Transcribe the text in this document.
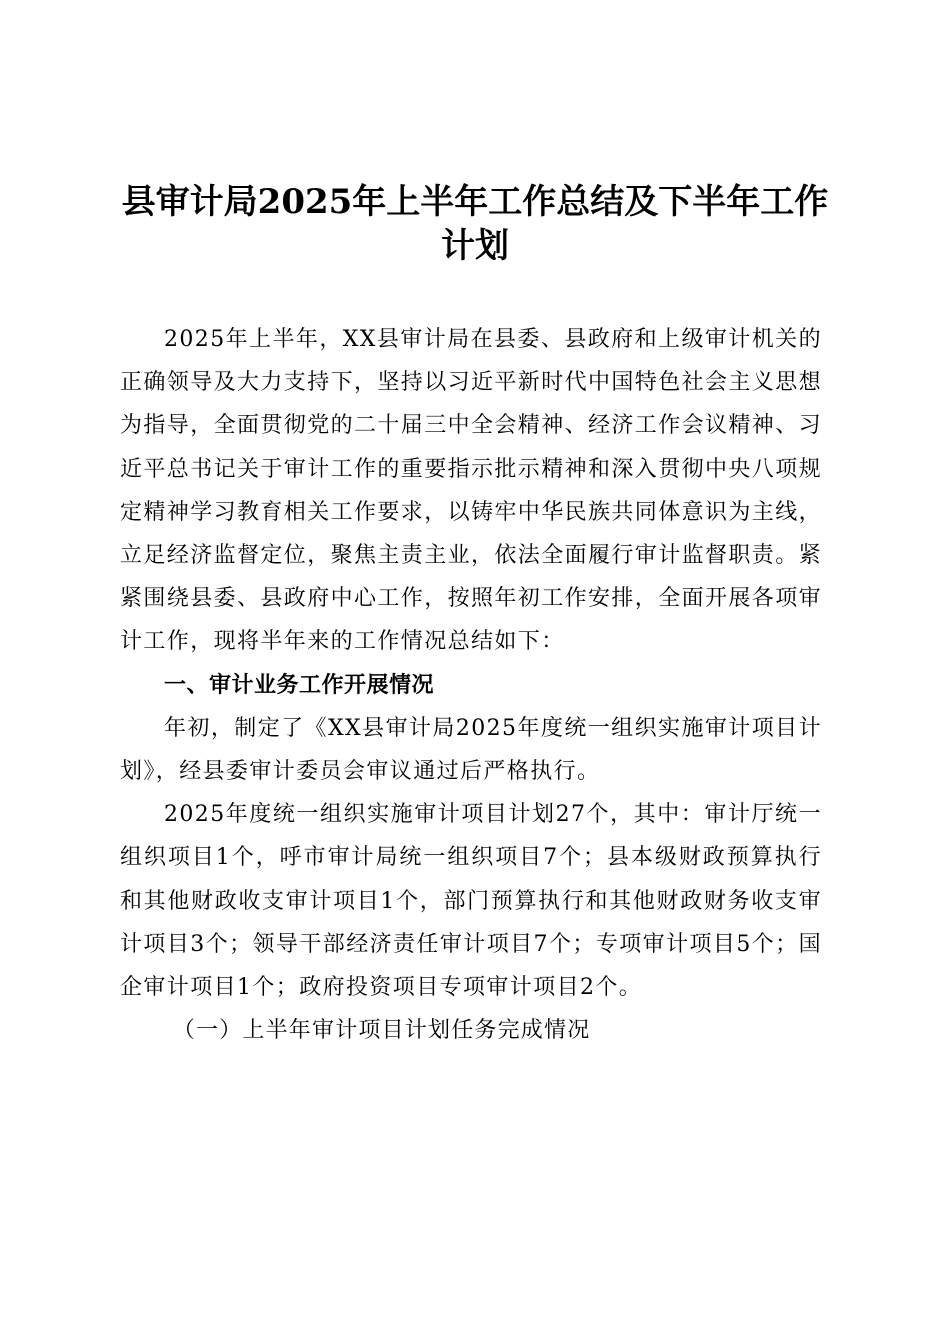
县审计局2025年上半年工作总结及下半年工作计划

2025年上半年，XX县审计局在县委、县政府和上级审计机关的正确领导及大力支持下，坚持以习近平新时代中国特色社会主义思想为指导，全面贯彻党的二十届三中全会精神、经济工作会议精神、习近平总书记关于审计工作的重要指示批示精神和深入贯彻中央八项规定精神学习教育相关工作要求，以铸牢中华民族共同体意识为主线，立足经济监督定位，聚焦主责主业，依法全面履行审计监督职责。紧紧围绕县委、县政府中心工作，按照年初工作安排，全面开展各项审计工作，现将半年来的工作情况总结如下：

一、审计业务工作开展情况

年初，制定了《XX县审计局2025年度统一组织实施审计项目计划》，经县委审计委员会审议通过后严格执行。

2025年度统一组织实施审计项目计划27个，其中：审计厅统一组织项目1个，呼市审计局统一组织项目7个；县本级财政预算执行和其他财政收支审计项目1个，部门预算执行和其他财政财务收支审计项目3个；领导干部经济责任审计项目7个；专项审计项目5个；国企审计项目1个；政府投资项目专项审计项目2个。

（一）上半年审计项目计划任务完成情况
